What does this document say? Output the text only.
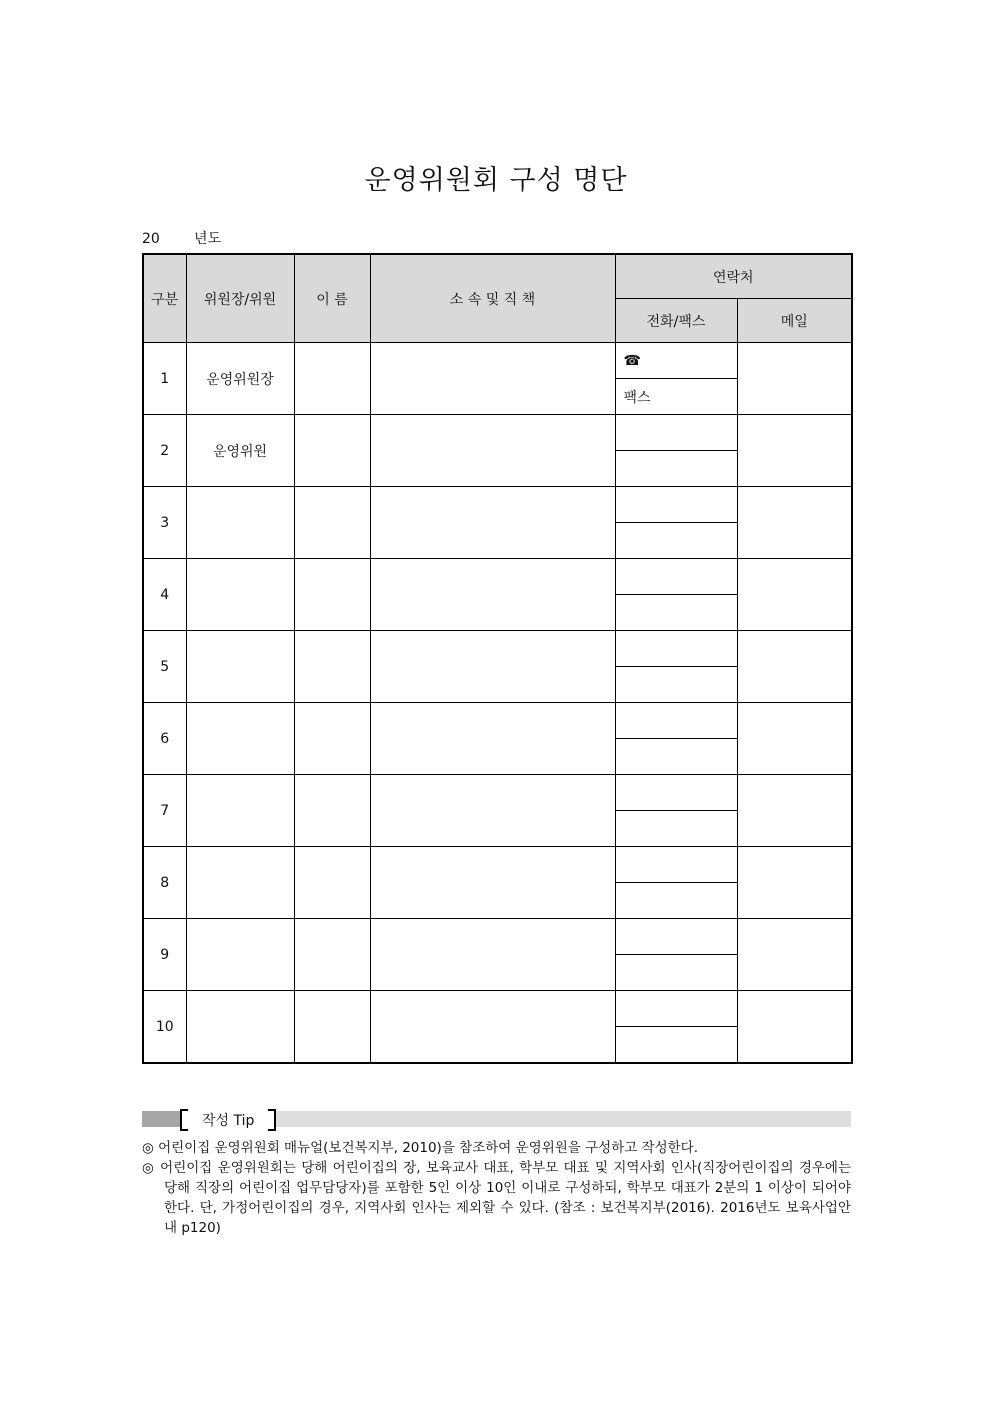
운영위원회 구성 명단
20 년도
구분	위원장/위원	이 름	소 속 및 직 책	연락처	
				전화/팩스	메일
1	운영위원장			☎	
				팩스	
2	운영위원				

3					

4					

5					

6					

7					

8					

9					

10					

작성 Tip
◎ 어린이집 운영위원회 매뉴얼(보건복지부, 2010)을 참조하여 운영위원을 구성하고 작성한다.
◎ 어린이집 운영위원회는 당해 어린이집의 장, 보육교사 대표, 학부모 대표 및 지역사회 인사(직장어린이집의 경우에는 당해 직장의 어린이집 업무담당자)를 포함한 5인 이상 10인 이내로 구성하되, 학부모 대표가 2분의 1 이상이 되어야한다. 단, 가정어린이집의 경우, 지역사회 인사는 제외할 수 있다. (참조 : 보건복지부(2016). 2016년도 보육사업안내 p120)
